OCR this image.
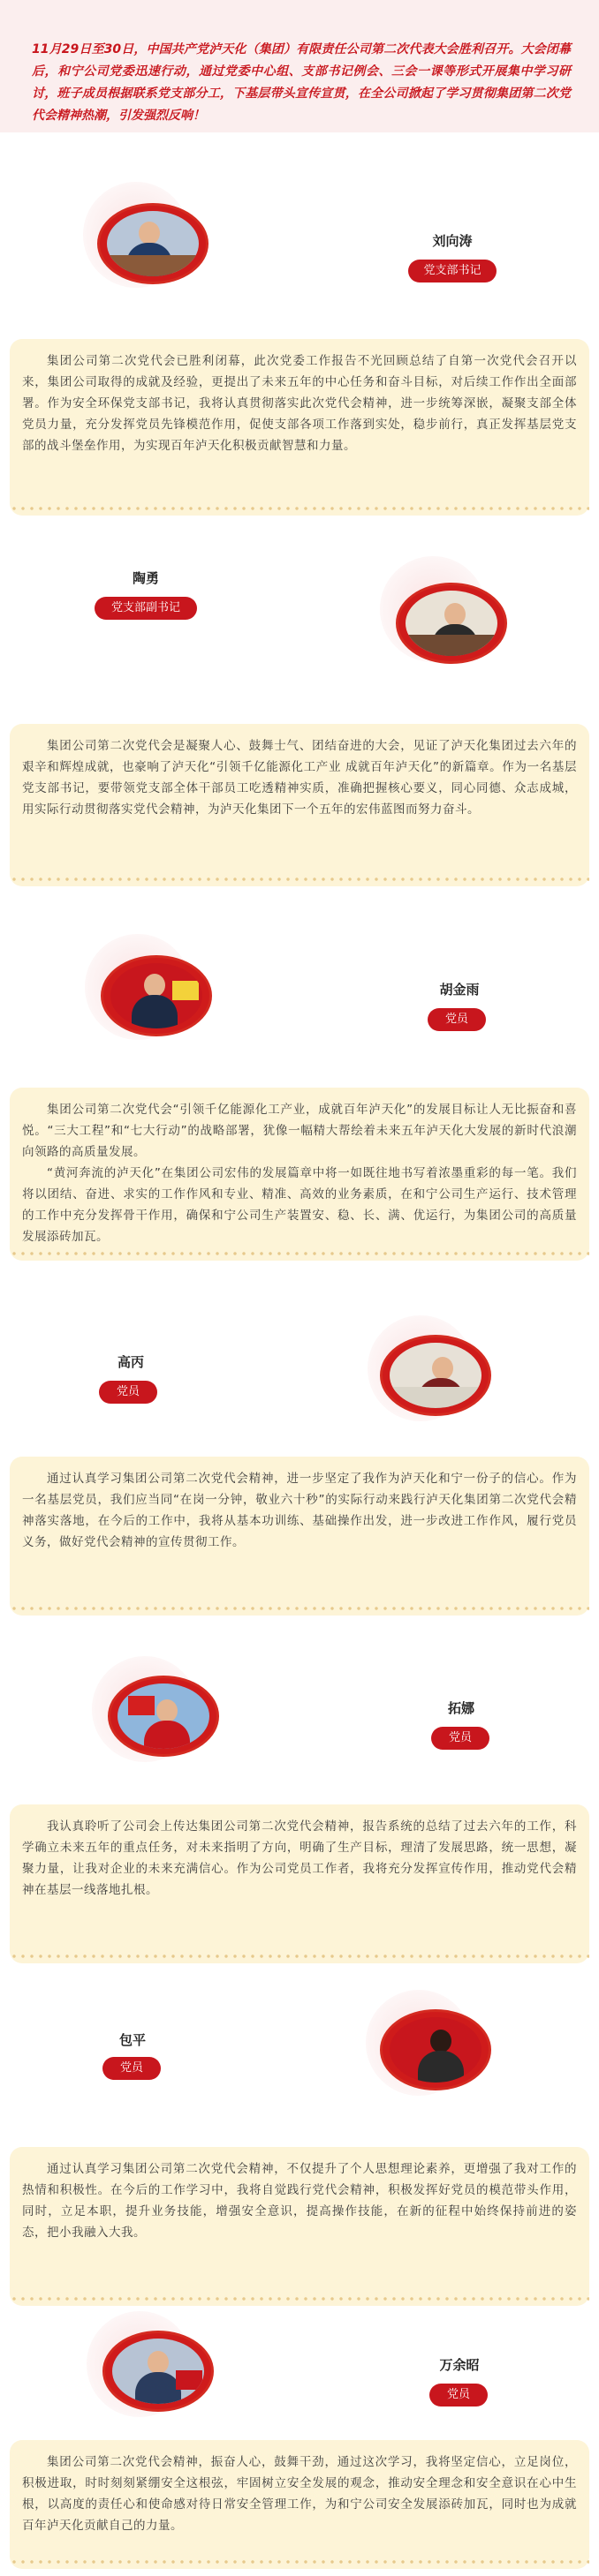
11月29日至30日，中国共产党泸天化（集团）有限责任公司第二次代表大会胜利召开。大会闭幕后，和宁公司党委迅速行动，通过党委中心组、支部书记例会、三会一课等形式开展集中学习研讨，班子成员根据联系党支部分工，下基层带头宣传宣贯，在全公司掀起了学习贯彻集团第二次党代会精神热潮，引发强烈反响！
刘向涛
党支部书记

集团公司第二次党代会已胜利闭幕，此次党委工作报告不光回顾总结了自第一次党代会召开以来，集团公司取得的成就及经验，更提出了未来五年的中心任务和奋斗目标，对后续工作作出全面部署。作为安全环保党支部书记，我将认真贯彻落实此次党代会精神，进一步统筹深嵌，凝聚支部全体党员力量，充分发挥党员先锋模范作用，促使支部各项工作落到实处，稳步前行，真正发挥基层党支部的战斗堡垒作用，为实现百年泸天化积极贡献智慧和力量。

陶勇
党支部副书记

集团公司第二次党代会是凝聚人心、鼓舞士气、团结奋进的大会，见证了泸天化集团过去六年的艰辛和辉煌成就，也豪响了泸天化“引领千亿能源化工产业 成就百年泸天化”的新篇章。作为一名基层党支部书记，要带领党支部全体干部员工吃透精神实质，准确把握核心要义，同心同德、众志成城，用实际行动贯彻落实党代会精神，为泸天化集团下一个五年的宏伟蓝图而努力奋斗。

胡金雨
党员

集团公司第二次党代会“引领千亿能源化工产业，成就百年泸天化”的发展目标让人无比振奋和喜悦。“三大工程”和“七大行动”的战略部署，犹像一幅精大帮绘着未来五年泸天化大发展的新时代浪潮向领路的高质量发展。

“黄河奔流的泸天化”在集团公司宏伟的发展篇章中将一如既往地书写着浓墨重彩的每一笔。我们将以团结、奋进、求实的工作作风和专业、精准、高效的业务素质，在和宁公司生产运行、技术管理的工作中充分发挥骨干作用，确保和宁公司生产装置安、稳、长、满、优运行，为集团公司的高质量发展添砖加瓦。

高丙
党员

通过认真学习集团公司第二次党代会精神，进一步坚定了我作为泸天化和宁一份子的信心。作为一名基层党员，我们应当同“在岗一分钟，敬业六十秒”的实际行动来践行泸天化集团第二次党代会精神落实落地，在今后的工作中，我将从基本功训练、基础操作出发，进一步改进工作作风，履行党员义务，做好党代会精神的宣传贯彻工作。

拓娜
党员

我认真聆听了公司会上传达集团公司第二次党代会精神，报告系统的总结了过去六年的工作，科学确立未来五年的重点任务，对未来指明了方向，明确了生产目标，理清了发展思路，统一思想，凝聚力量，让我对企业的未来充满信心。作为公司党员工作者，我将充分发挥宣传作用，推动党代会精神在基层一线落地扎根。

包平
党员

通过认真学习集团公司第二次党代会精神，不仅提升了个人思想理论素养，更增强了我对工作的热情和积极性。在今后的工作学习中，我将自觉践行党代会精神，积极发挥好党员的模范带头作用，同时，立足本职，提升业务技能，增强安全意识，提高操作技能，在新的征程中始终保持前进的姿态，把小我融入大我。

万余昭
党员

集团公司第二次党代会精神，振奋人心，鼓舞干劲，通过这次学习，我将坚定信心，立足岗位，积极进取，时时刻刻紧绷安全这根弦，牢固树立安全发展的观念，推动安全理念和安全意识在心中生根，以高度的责任心和使命感对待日常安全管理工作，为和宁公司安全发展添砖加瓦，同时也为成就百年泸天化贡献自己的力量。
